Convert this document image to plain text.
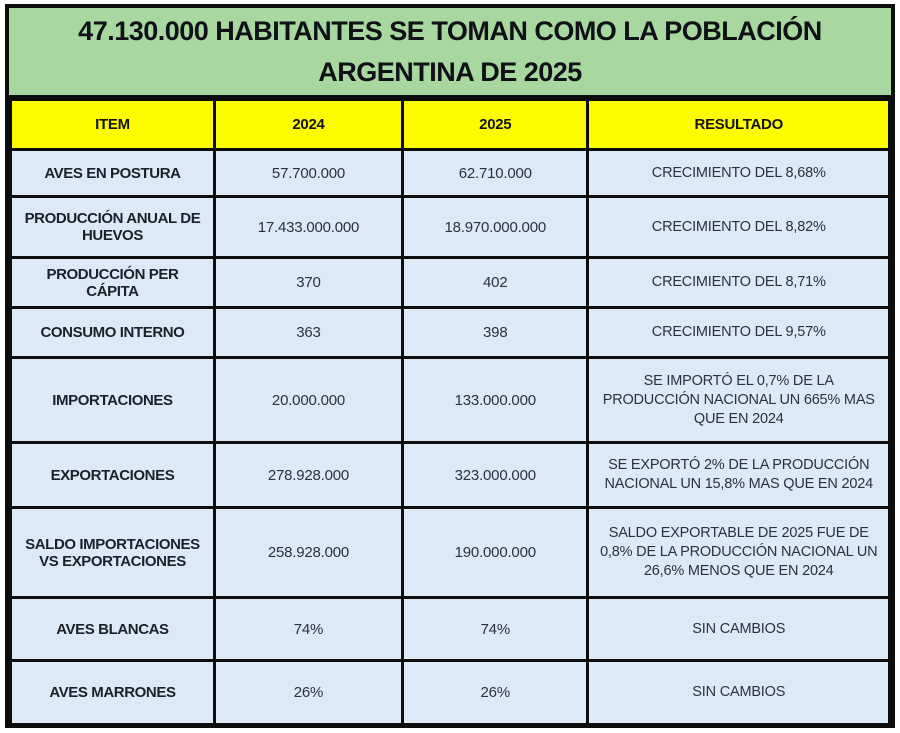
47.130.000 HABITANTES SE TOMAN COMO LA POBLACIÓN
ARGENTINA DE 2025
ITEM	2024	2025	RESULTADO
AVES EN POSTURA	57.700.000	62.710.000	CRECIMIENTO DEL 8,68%
PRODUCCIÓN ANUAL DE HUEVOS	17.433.000.000	18.970.000.000	CRECIMIENTO DEL 8,82%
PRODUCCIÓN PER CÁPITA	370	402	CRECIMIENTO DEL 8,71%
CONSUMO INTERNO	363	398	CRECIMIENTO DEL 9,57%
IMPORTACIONES	20.000.000	133.000.000	SE IMPORTÓ EL 0,7% DE LA PRODUCCIÓN NACIONAL UN 665% MAS QUE EN 2024
EXPORTACIONES	278.928.000	323.000.000	SE EXPORTÓ 2% DE LA PRODUCCIÓN NACIONAL UN 15,8% MAS QUE EN 2024
SALDO IMPORTACIONES VS EXPORTACIONES	258.928.000	190.000.000	SALDO EXPORTABLE DE 2025 FUE DE 0,8% DE LA PRODUCCIÓN NACIONAL UN 26,6% MENOS QUE EN 2024
AVES BLANCAS	74%	74%	SIN CAMBIOS
AVES MARRONES	26%	26%	SIN CAMBIOS
